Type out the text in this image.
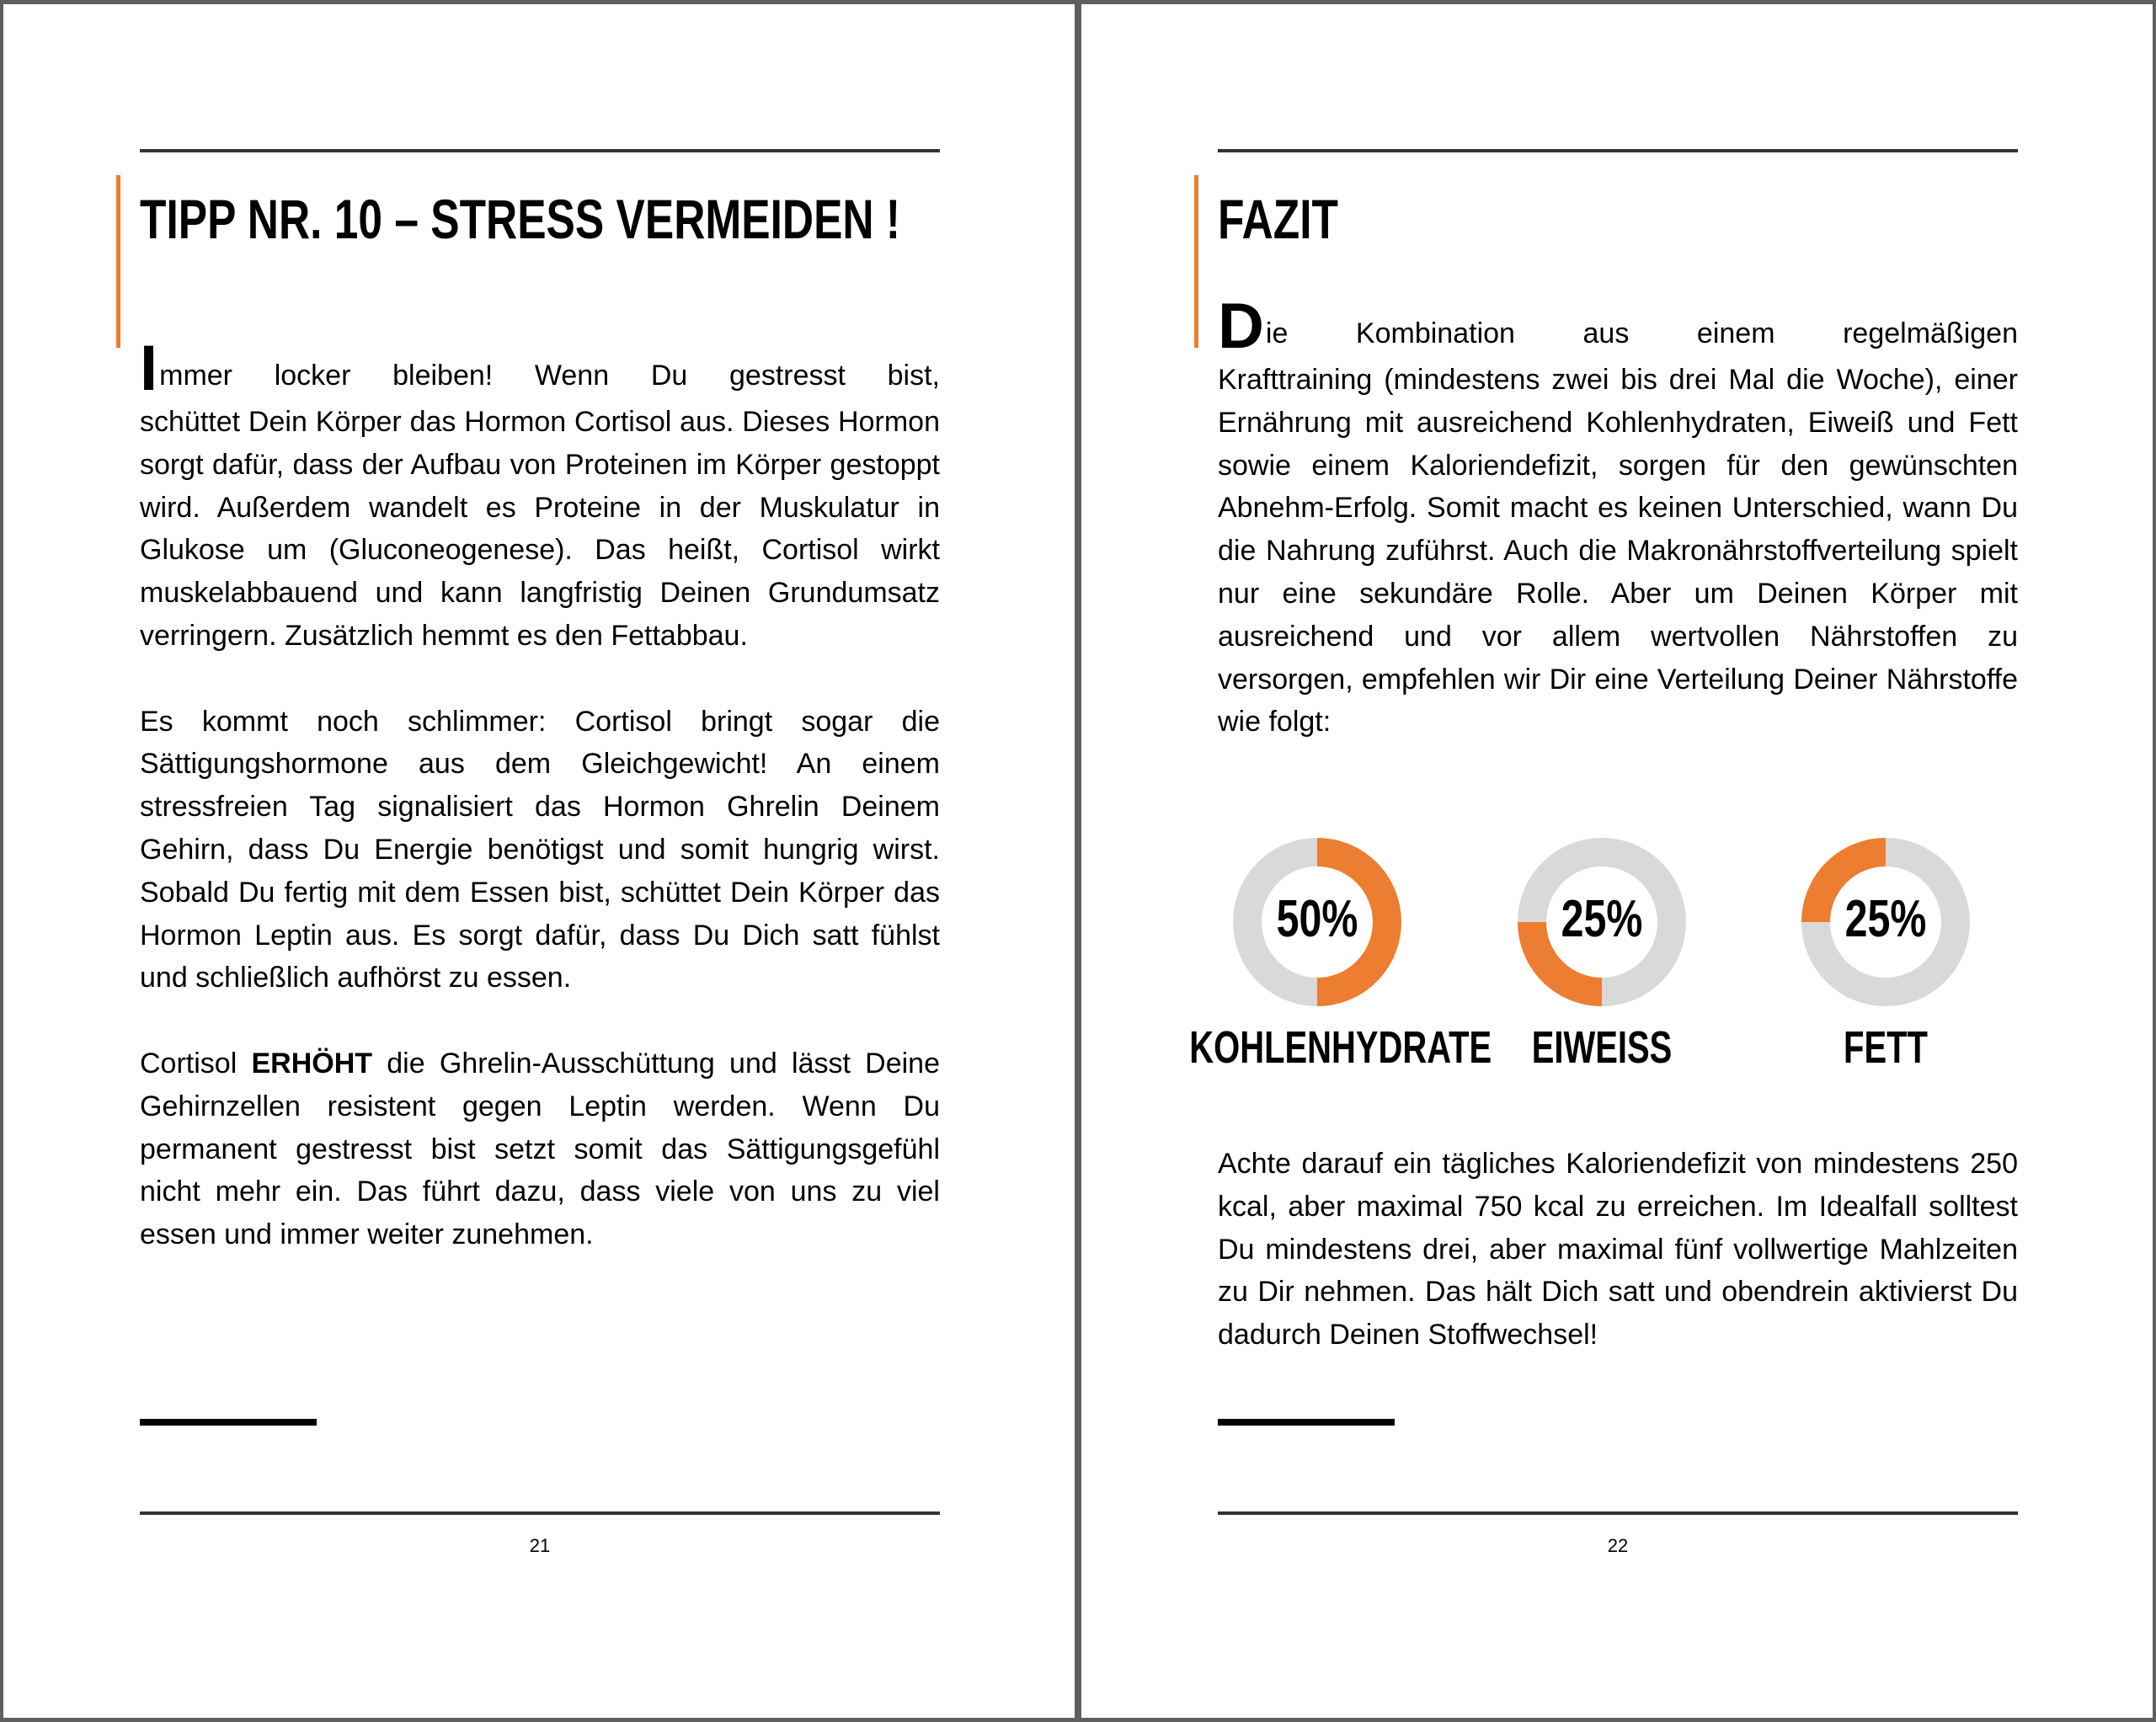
TIPP NR. 10 – STRESS VERMEIDEN !

Immer locker bleiben! Wenn Du gestresst bist,
schüttet Dein Körper das Hormon Cortisol aus. Dieses Hormon sorgt dafür, dass der Aufbau von Proteinen im Körper gestoppt wird. Außerdem wandelt es Proteine in der Muskulatur in Glukose um (Gluconeogenese). Das heißt, Cortisol wirkt muskelabbauend und kann langfristig Deinen Grundumsatz verringern. Zusätzlich hemmt es den Fettabbau.

Es kommt noch schlimmer: Cortisol bringt sogar die Sättigungshormone aus dem Gleichgewicht! An einem stressfreien Tag signalisiert das Hormon Ghrelin Deinem Gehirn, dass Du Energie benötigst und somit hungrig wirst. Sobald Du fertig mit dem Essen bist, schüttet Dein Körper das Hormon Leptin aus. Es sorgt dafür, dass Du Dich satt fühlst und schließlich aufhörst zu essen.

Cortisol ERHÖHT die Ghrelin-Ausschüttung und lässt Deine Gehirnzellen resistent gegen Leptin werden. Wenn Du permanent gestresst bist setzt somit das Sättigungsgefühl nicht mehr ein. Das führt dazu, dass viele von uns zu viel essen und immer weiter zunehmen.

21
FAZIT

Die Kombination aus einem regelmäßigen
Krafttraining (mindestens zwei bis drei Mal die Woche), einer Ernährung mit ausreichend Kohlenhydraten, Eiweiß und Fett sowie einem Kaloriendefizit, sorgen für den gewünschten Abnehm-Erfolg. Somit macht es keinen Unterschied, wann Du die Nahrung zuführst. Auch die Makronährstoffverteilung spielt nur eine sekundäre Rolle. Aber um Deinen Körper mit ausreichend und vor allem wertvollen Nährstoffen zu versorgen, empfehlen wir Dir eine Verteilung Deiner Nährstoffe wie folgt:

50%
KOHLENHYDRATE
25%
EIWEISS
25%
FETT

Achte darauf ein tägliches Kaloriendefizit von mindestens 250 kcal, aber maximal 750 kcal zu erreichen. Im Idealfall solltest Du mindestens drei, aber maximal fünf vollwertige Mahlzeiten zu Dir nehmen. Das hält Dich satt und obendrein aktivierst Du dadurch Deinen Stoffwechsel!

22
